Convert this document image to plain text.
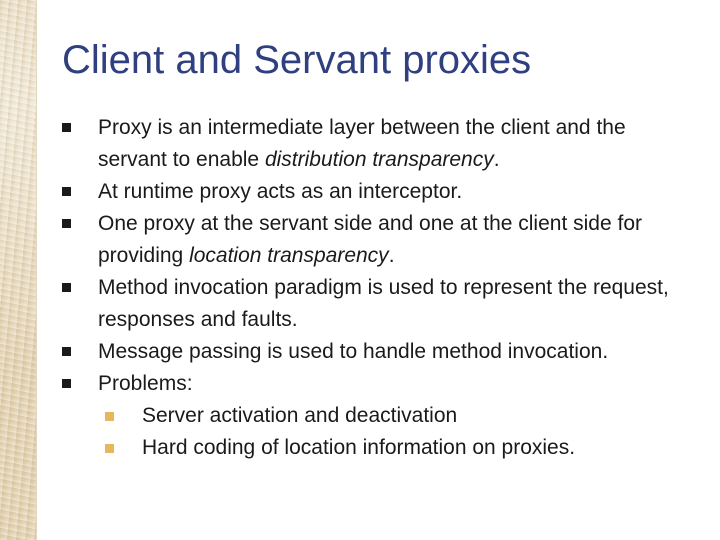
Client and Servant proxies
Proxy is an intermediate layer between the client and the servant to enable distribution transparency.
At runtime proxy acts as an interceptor.
One proxy at the servant side and one at the client side for providing location transparency.
Method invocation paradigm is used to represent the request, responses and faults.
Message passing is used to handle method invocation.
Problems:
Server activation and deactivation
Hard coding of location information on proxies.
